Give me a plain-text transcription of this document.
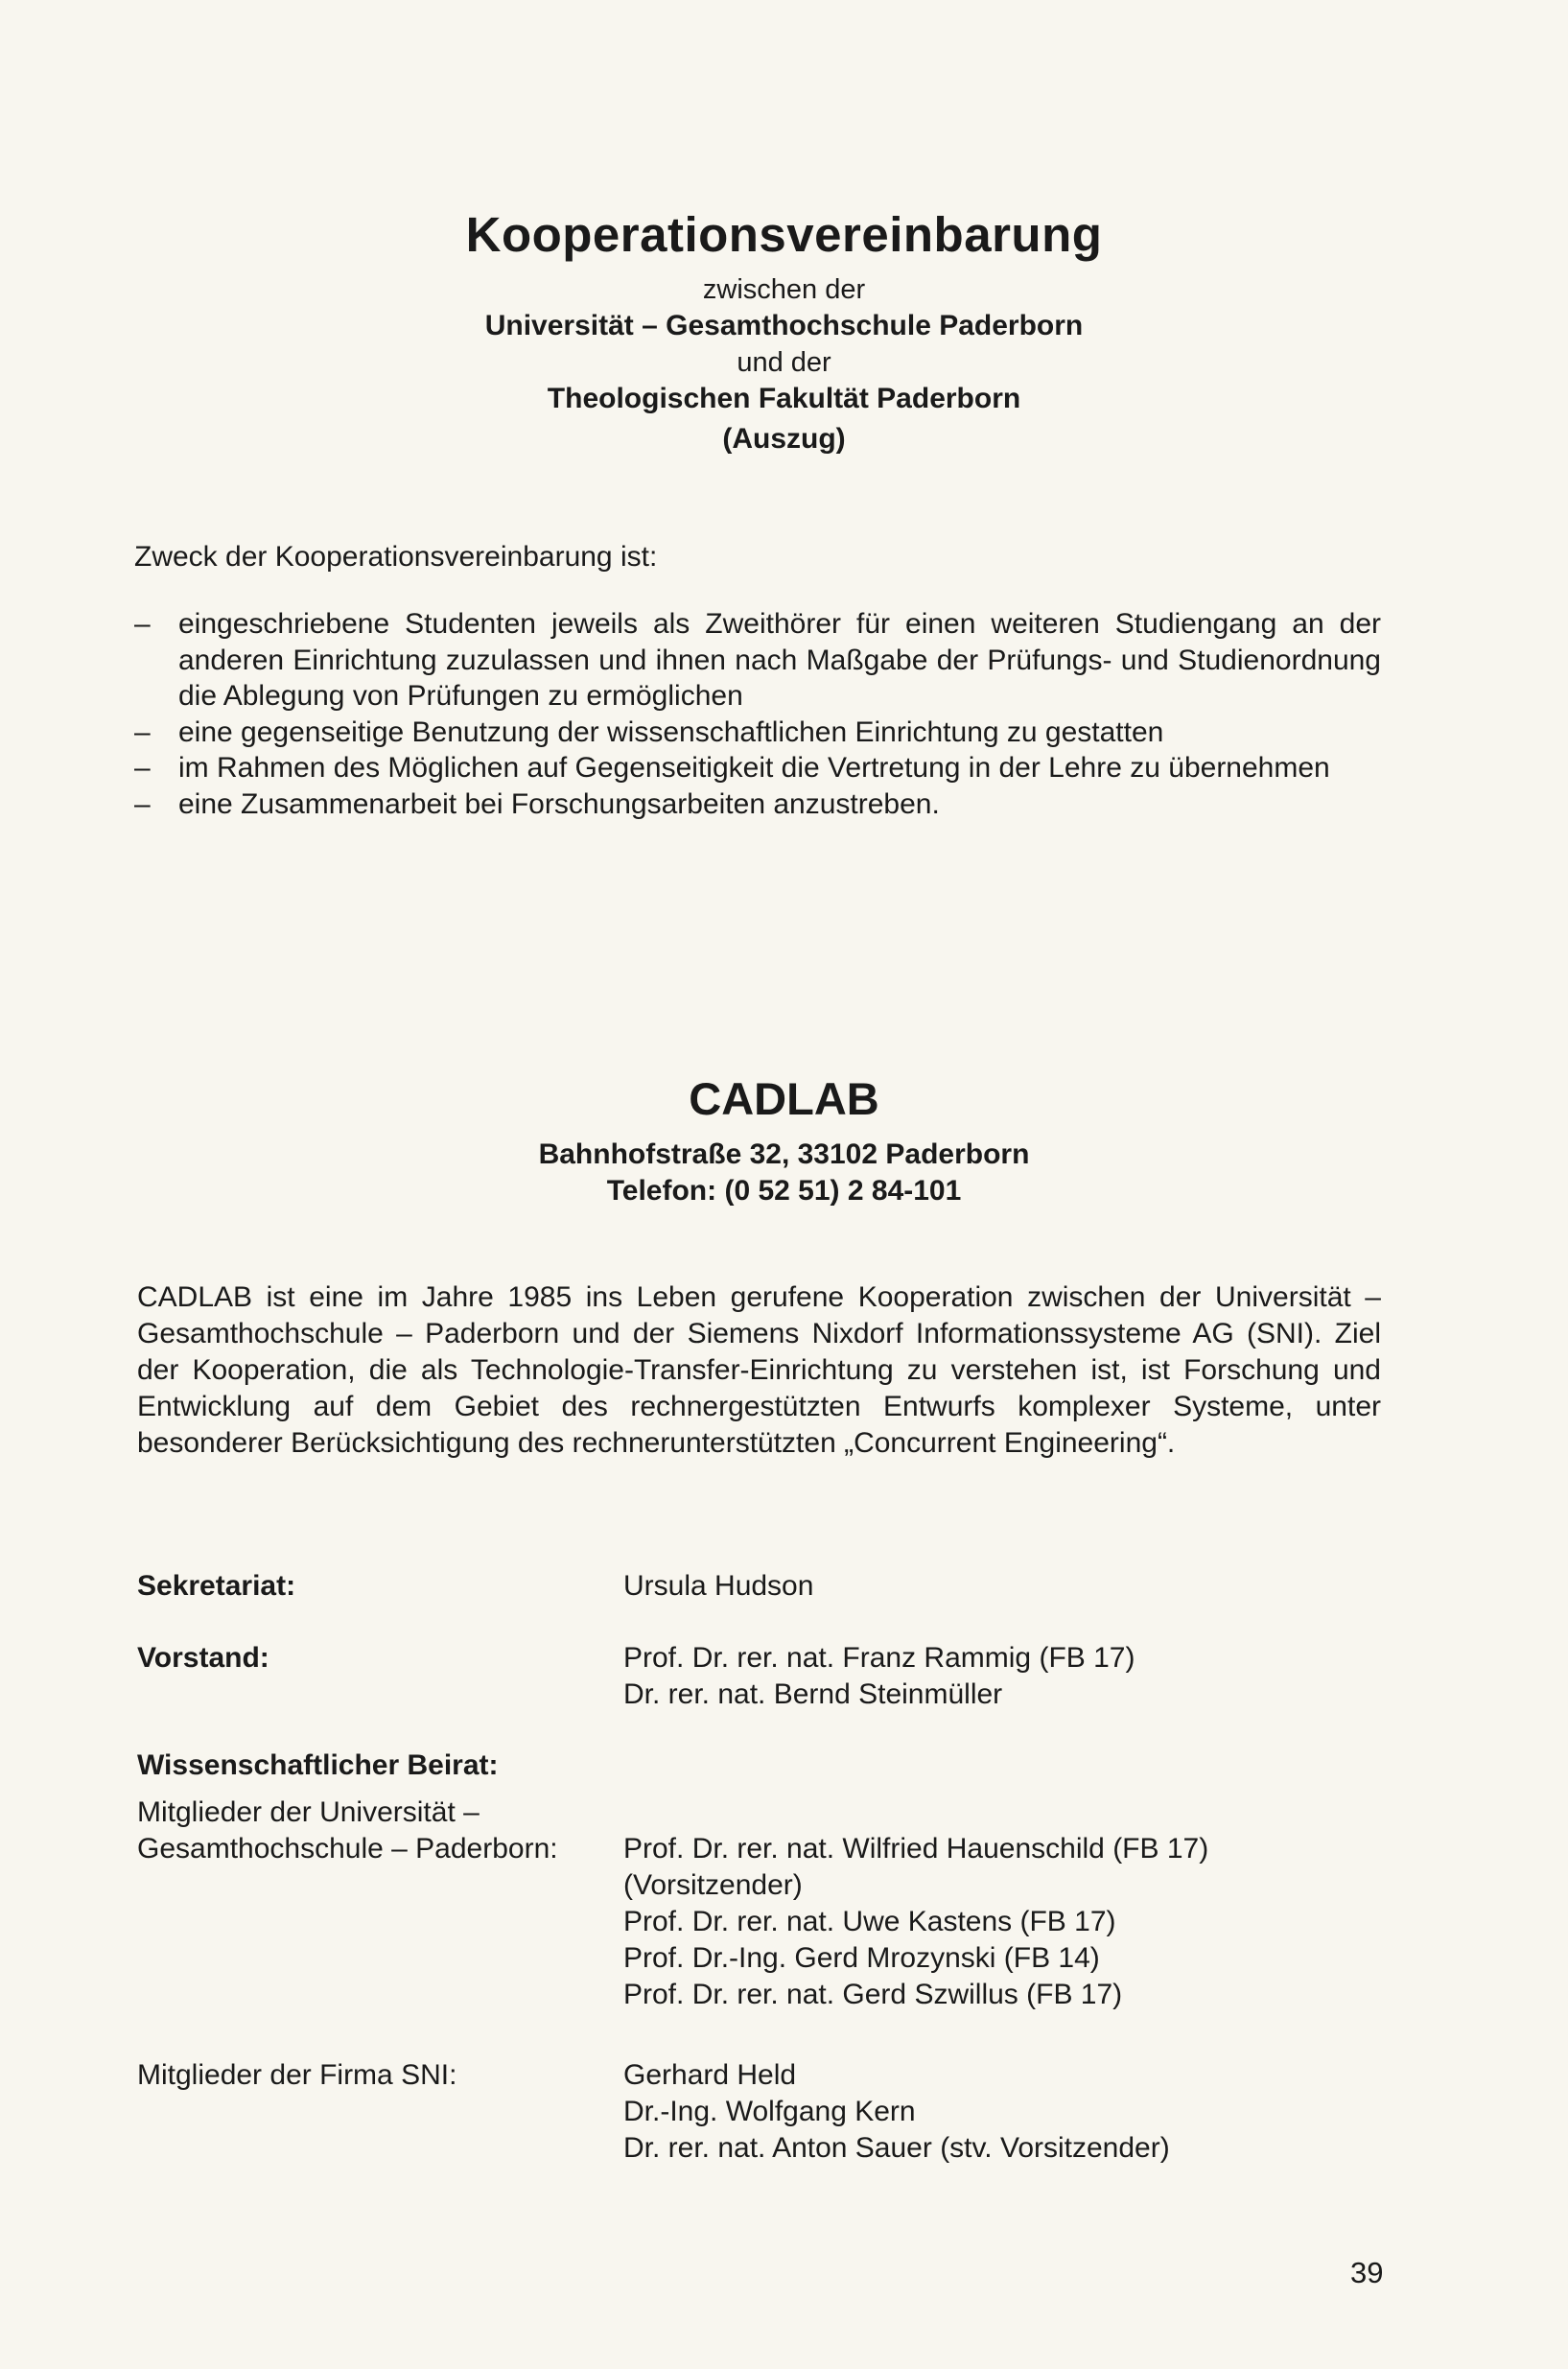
Kooperationsvereinbarung
zwischen der
Universität – Gesamthochschule Paderborn
und der
Theologischen Fakultät Paderborn
(Auszug)
Zweck der Kooperationsvereinbarung ist:
– eingeschriebene Studenten jeweils als Zweithörer für einen weiteren Studiengang an der anderen Einrichtung zuzulassen und ihnen nach Maßgabe der Prüfungs- und Studienordnung die Ablegung von Prüfungen zu ermöglichen
– eine gegenseitige Benutzung der wissenschaftlichen Einrichtung zu gestatten
– im Rahmen des Möglichen auf Gegenseitigkeit die Vertretung in der Lehre zu übernehmen
– eine Zusammenarbeit bei Forschungsarbeiten anzustreben.
CADLAB
Bahnhofstraße 32, 33102 Paderborn
Telefon: (0 52 51) 2 84-101
CADLAB ist eine im Jahre 1985 ins Leben gerufene Kooperation zwischen der Universität – Gesamthochschule – Paderborn und der Siemens Nixdorf Informationssysteme AG (SNI). Ziel der Kooperation, die als Technologie-Transfer-Einrichtung zu verstehen ist, ist Forschung und Entwicklung auf dem Gebiet des rechnergestützten Entwurfs komplexer Systeme, unter besonderer Berücksichtigung des rechnerunterstützten „Concurrent Engineering“.
Sekretariat:	Ursula Hudson
Vorstand:	Prof. Dr. rer. nat. Franz Rammig (FB 17)
Dr. rer. nat. Bernd Steinmüller
Wissenschaftlicher Beirat:
Mitglieder der Universität –
Gesamthochschule – Paderborn: Prof. Dr. rer. nat. Wilfried Hauenschild (FB 17)
(Vorsitzender)
Prof. Dr. rer. nat. Uwe Kastens (FB 17)
Prof. Dr.-Ing. Gerd Mrozynski (FB 14)
Prof. Dr. rer. nat. Gerd Szwillus (FB 17)
Mitglieder der Firma SNI:	Gerhard Held
Dr.-Ing. Wolfgang Kern
Dr. rer. nat. Anton Sauer (stv. Vorsitzender)
39
